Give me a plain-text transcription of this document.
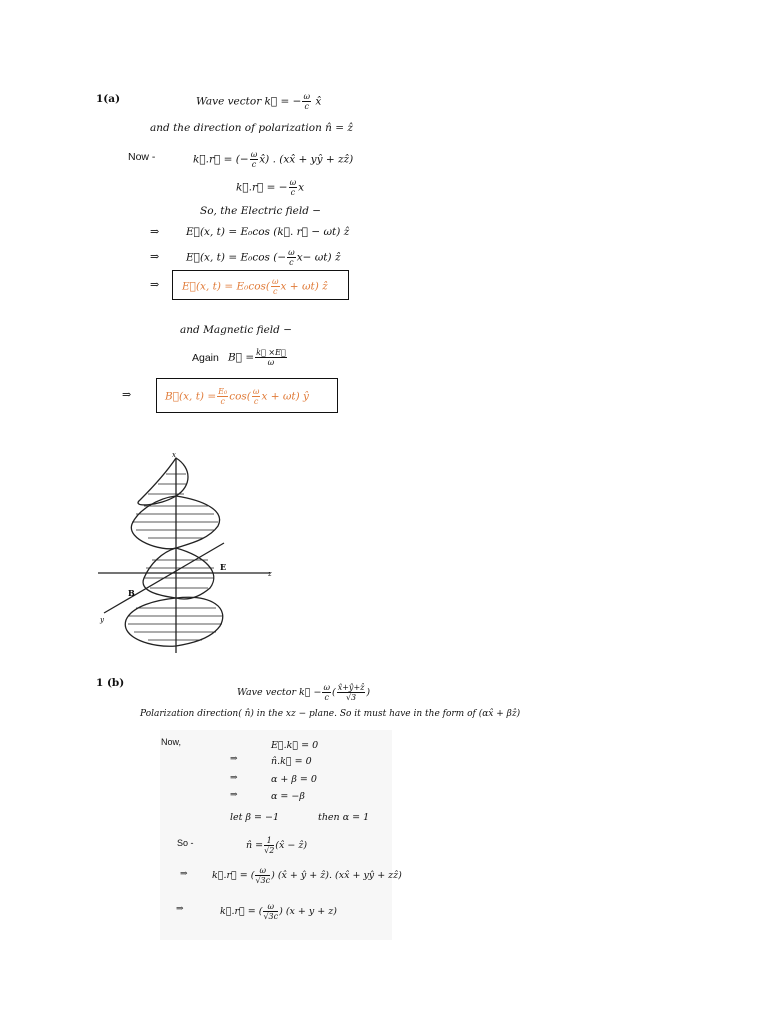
1(a)	Wave vector k⃗ = − $\frac{\omega}{c}$ x̂
and the direction of polarization n̂ = ẑ
Now -	k⃗.r⃗ = (− $\frac{\omega}{c}$ x̂) . (xx̂ + yŷ + zẑ)
k⃗.r⃗ = − $\frac{\omega}{c}$ x
So, the Electric field −
⇒	E⃗(x, t) = E₀cos (k⃗. r⃗ − ωt) ẑ
⇒	E⃗(x, t) = E₀cos (− $\frac{\omega}{c} x- \omega t$) ẑ
⇒ E⃗(x, $t) = E_0\cos( \frac{\omega}{c}$ x + ωt) ẑ
and Magnetic field −
Again B⃗ = $\frac{k⃗ \times E⃗}{\omega}$
⇒	B⃗(x, $t) = \frac{\text{E₀}}{c} \cos( \frac{\omega}{c}$ x + ωt) ŷ
x
z
y
E
B
1 (b)
Wave vector k⃗ − $\frac{\omega}{c}$ ( $\frac{\text{x̂+ŷ+ẑ}}{√3}$ )
Polarization direction( n̂) in the xz − plane. So it must have in the form of (αx̂ + βẑ)
Now,	E⃗.k⃗ = 0
⇒	n̂.k⃗ = 0
⇒	α + β = 0
⇒	α = −β
let β = −1	then α = 1
So -	n̂ = $\frac{1}{√2}$ (x̂ − ẑ)
⇒	k⃗.r⃗ = ( $\frac{\omega}{√3c}$ ) (x̂ + ŷ + ẑ). (xx̂ + yŷ + zẑ)
⇒	k⃗.r⃗ = ( $\frac{\omega}{√3c}$ ) (x + y + z)
